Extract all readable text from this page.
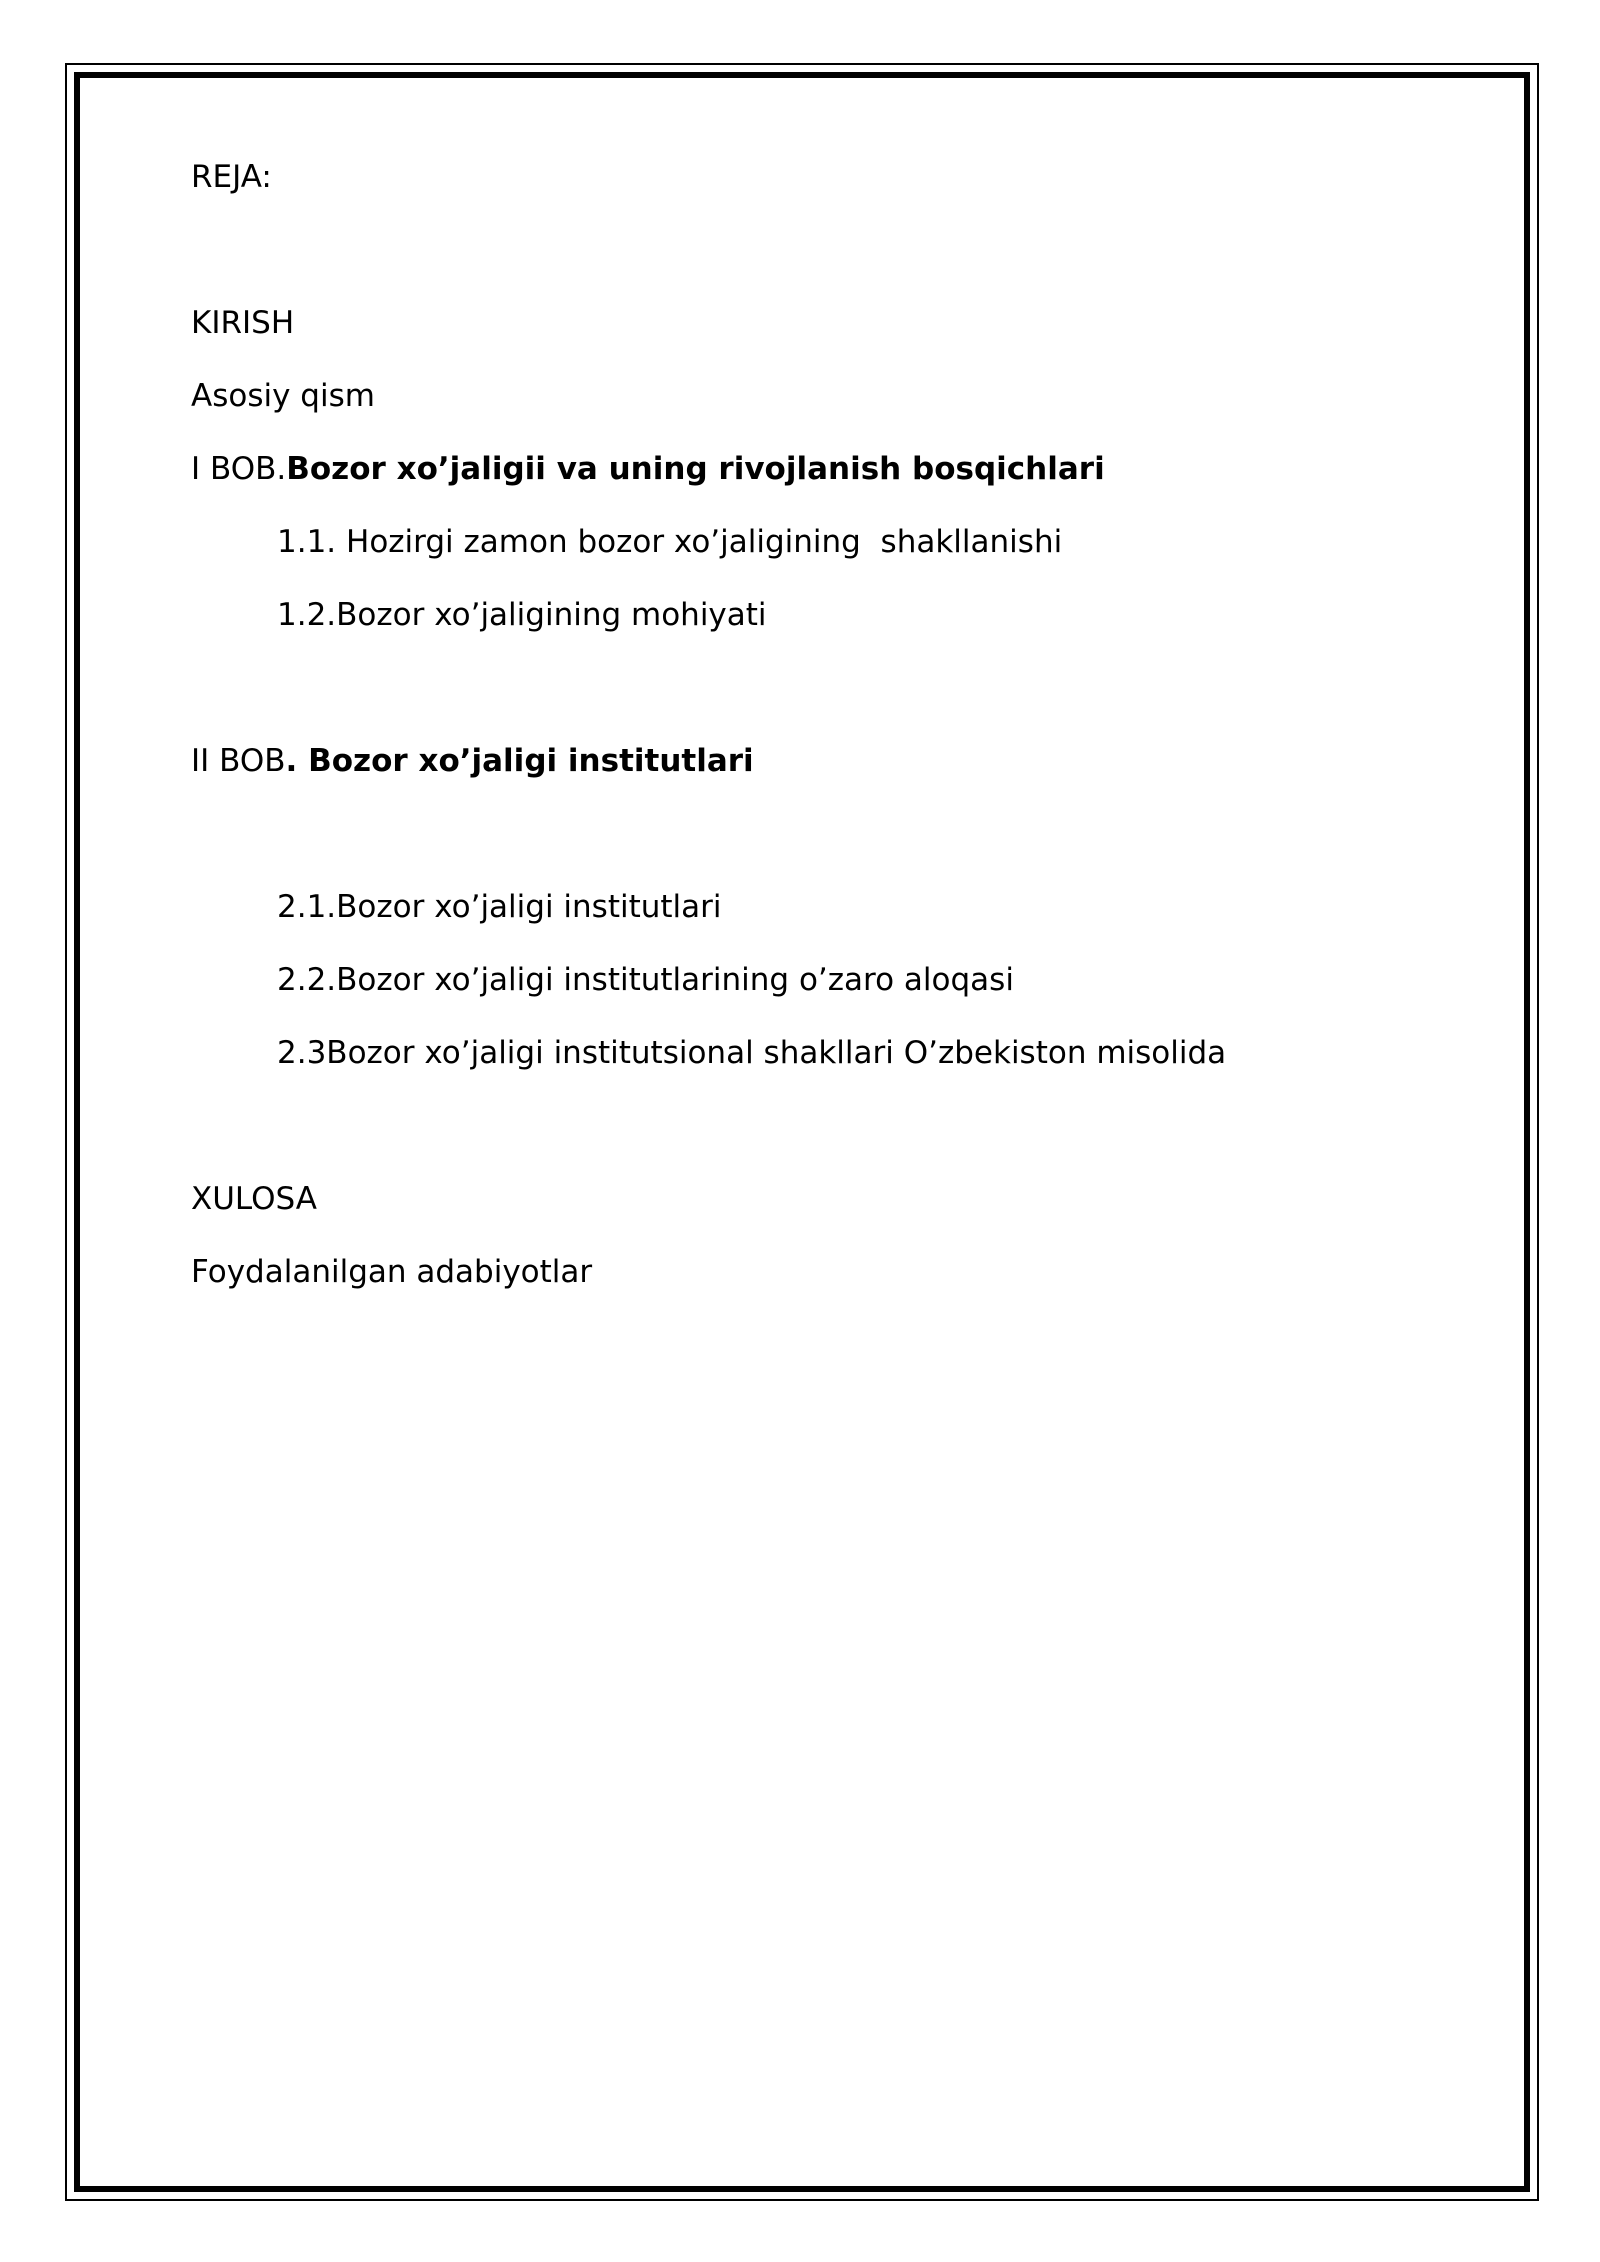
REJA:
KIRISH
Asosiy qism
I BOB.Bozor xo’jaligii va uning rivojlanish bosqichlari
1.1. Hozirgi zamon bozor xo’jaligining  shakllanishi
1.2.Bozor xo’jaligining mohiyati
II BOB. Bozor xo’jaligi institutlari
2.1.Bozor xo’jaligi institutlari
2.2.Bozor xo’jaligi institutlarining o’zaro aloqasi
2.3Bozor xo’jaligi institutsional shakllari O’zbekiston misolida
XULOSA
Foydalanilgan adabiyotlar
